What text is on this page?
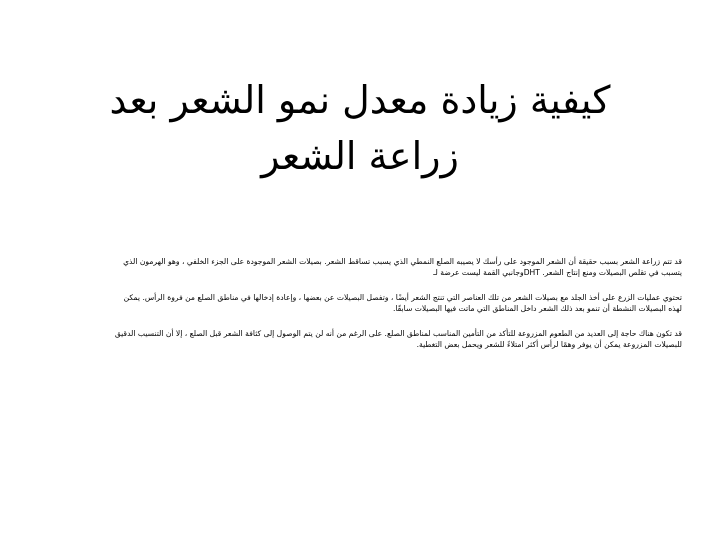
كيفية زيادة معدل نمو الشعر بعد زراعة الشعر

قد تتم زراعة الشعر بسبب حقيقة أن الشعر الموجود على رأسك لا يصيبه الصلع النمطي الذي يسبب تساقط الشعر. بصيلات الشعر الموجودة على الجزء الخلفي ، وهو الهرمون الذي يتسبب في تقلص البصيلات ومنع إنتاج الشعر. DHTوجانبي القمة ليست عرضة لـ

تحتوي عمليات الزرع على أخذ الجلد مع بصيلات الشعر من تلك العناصر التي تنتج الشعر أيضًا ، وتفصل البصيلات عن بعضها ، وإعادة إدخالها في مناطق الصلع من فروة الرأس. يمكن لهذه البصيلات النشطة أن تنمو بعد ذلك الشعر داخل المناطق التي ماتت فيها البصيلات سابقًا.

قد تكون هناك حاجة إلى العديد من الطعوم المزروعة للتأكد من التأمين المناسب لمناطق الصلع. على الرغم من أنه لن يتم الوصول إلى كثافة الشعر قبل الصلع ، إلا أن التنسيب الدقيق للبصيلات المزروعة يمكن أن يوفر وهمًا لرأس أكثر امتلاءً للشعر ويحمل بعض التغطية.
